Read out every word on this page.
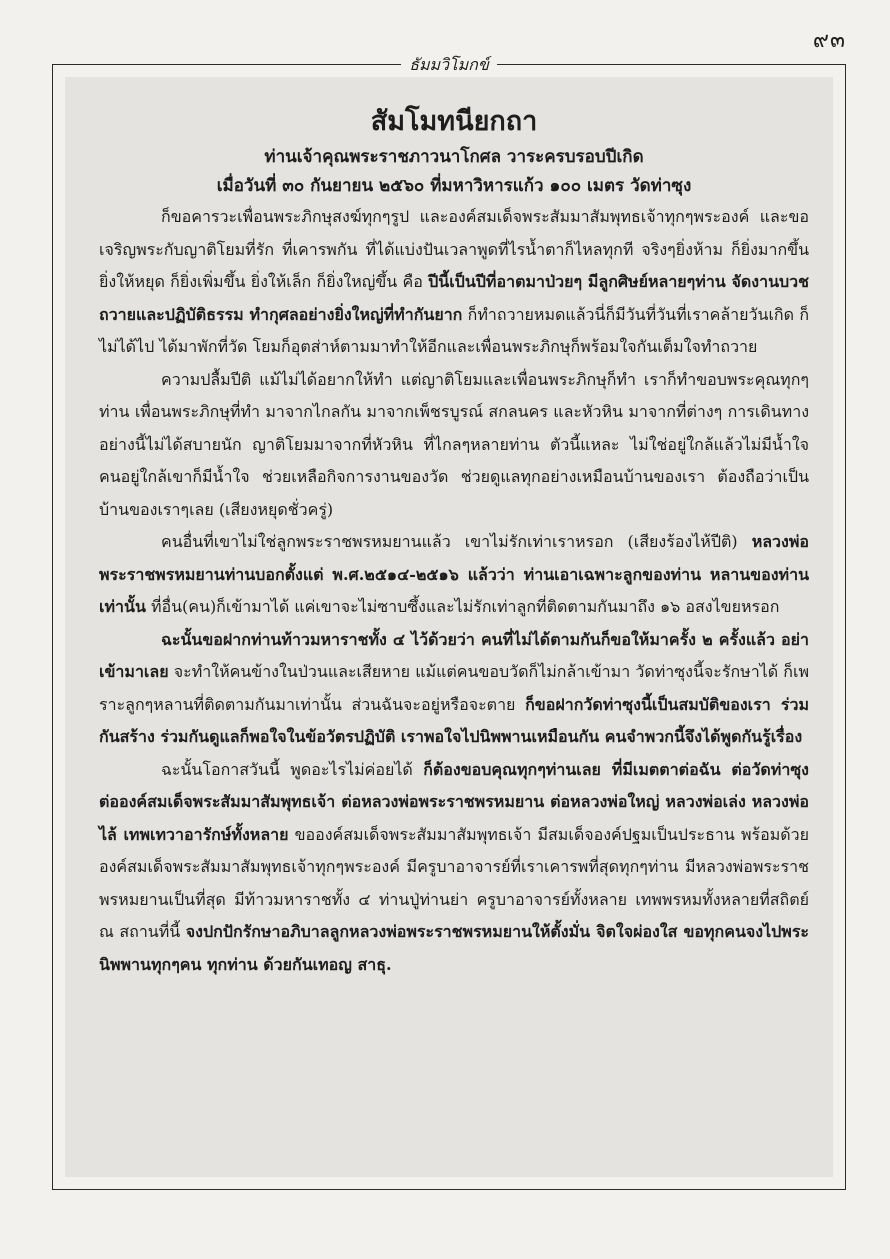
๙๓
ธัมมวิโมกข์
สัมโมทนียกถา

ท่านเจ้าคุณพระราชภาวนาโกศล วาระครบรอบปีเกิด

เมื่อวันที่ ๓๐ กันยายน ๒๕๖๐ ที่มหาวิหารแก้ว ๑๐๐ เมตร วัดท่าซุง

ก็ขอคารวะเพื่อนพระภิกษุสงฆ์ทุกๆรูป และองค์สมเด็จพระสัมมาสัมพุทธเจ้าทุกๆพระองค์ และขอเจริญพระกับญาติโยมที่รัก ที่เคารพกัน ที่ได้แบ่งปันเวลาพูดที่ไรน้ำตาก็ไหลทุกที จริงๆยิ่งห้าม ก็ยิ่งมากขึ้น ยิ่งให้หยุด ก็ยิ่งเพิ่มขึ้น ยิ่งให้เล็ก ก็ยิ่งใหญ่ขึ้น คือ ปีนี้เป็นปีที่อาตมาป่วยๆ มีลูกศิษย์หลายๆท่าน จัดงานบวชถวายและปฏิบัติธรรม ทำกุศลอย่างยิ่งใหญ่ที่ทำกันยาก ก็ทำถวายหมดแล้วนี่ก็มีวันที่วันที่เราคล้ายวันเกิด ก็ไม่ได้ไป ได้มาพักที่วัด โยมก็อุตส่าห์ตามมาทำให้อีกและเพื่อนพระภิกษุก็พร้อมใจกันเต็มใจทำถวาย

ความปลื้มปีติ แม้ไม่ได้อยากให้ทำ แต่ญาติโยมและเพื่อนพระภิกษุก็ทำ เราก็ทำขอบพระคุณทุกๆท่าน เพื่อนพระภิกษุที่ทำ มาจากไกลกัน มาจากเพ็ชรบูรณ์ สกลนคร และหัวหิน มาจากที่ต่างๆ การเดินทางอย่างนี้ไม่ได้สบายนัก ญาติโยมมาจากที่หัวหิน ที่ไกลๆหลายท่าน ตัวนี้แหละ ไม่ใช่อยู่ใกล้แล้วไม่มีน้ำใจ คนอยู่ใกล้เขาก็มีน้ำใจ ช่วยเหลือกิจการงานของวัด ช่วยดูแลทุกอย่างเหมือนบ้านของเรา ต้องถือว่าเป็นบ้านของเราๆเลย (เสียงหยุดชั่วครู่)

คนอื่นที่เขาไม่ใช่ลูกพระราชพรหมยานแล้ว เขาไม่รักเท่าเราหรอก (เสียงร้องไห้ปีติ) หลวงพ่อพระราชพรหมยานท่านบอกตั้งแต่ พ.ศ.๒๕๑๔-๒๕๑๖ แล้วว่า ท่านเอาเฉพาะลูกของท่าน หลานของท่านเท่านั้น ที่อื่น(คน)ก็เข้ามาได้ แค่เขาจะไม่ซาบซึ้งและไม่รักเท่าลูกที่ติดตามกันมาถึง ๑๖ อสงไขยหรอก

ฉะนั้นขอฝากท่านท้าวมหาราชทั้ง ๔ ไว้ด้วยว่า คนที่ไม่ได้ตามกันก็ขอให้มาครั้ง ๒ ครั้งแล้ว อย่าเข้ามาเลย จะทำให้คนข้างในป่วนและเสียหาย แม้แต่คนขอบวัดก็ไม่กล้าเข้ามา วัดท่าซุงนี้จะรักษาได้ ก็เพราะลูกๆหลานที่ติดตามกันมาเท่านั้น ส่วนฉันจะอยู่หรือจะตาย ก็ขอฝากวัดท่าซุงนี้เป็นสมบัติของเรา ร่วมกันสร้าง ร่วมกันดูแลก็พอใจในข้อวัตรปฏิบัติ เราพอใจไปนิพพานเหมือนกัน คนจำพวกนี้จึงได้พูดกันรู้เรื่อง

ฉะนั้นโอกาสวันนี้ พูดอะไรไม่ค่อยได้ ก็ต้องขอบคุณทุกๆท่านเลย ที่มีเมตตาต่อฉัน ต่อวัดท่าซุง ต่อองค์สมเด็จพระสัมมาสัมพุทธเจ้า ต่อหลวงพ่อพระราชพรหมยาน ต่อหลวงพ่อใหญ่ หลวงพ่อเล่ง หลวงพ่อไล้ เทพเทวาอารักษ์ทั้งหลาย ขอองค์สมเด็จพระสัมมาสัมพุทธเจ้า มีสมเด็จองค์ปฐมเป็นประธาน พร้อมด้วยองค์สมเด็จพระสัมมาสัมพุทธเจ้าทุกๆพระองค์ มีครูบาอาจารย์ที่เราเคารพที่สุดทุกๆท่าน มีหลวงพ่อพระราชพรหมยานเป็นที่สุด มีท้าวมหาราชทั้ง ๔ ท่านปู่ท่านย่า ครูบาอาจารย์ทั้งหลาย เทพพรหมทั้งหลายที่สถิตย์ ณ สถานที่นี้ จงปกปักรักษาอภิบาลลูกหลวงพ่อพระราชพรหมยานให้ตั้งมั่น จิตใจผ่องใส ขอทุกคนจงไปพระนิพพานทุกๆคน ทุกท่าน ด้วยกันเทอญ สาธุ.
